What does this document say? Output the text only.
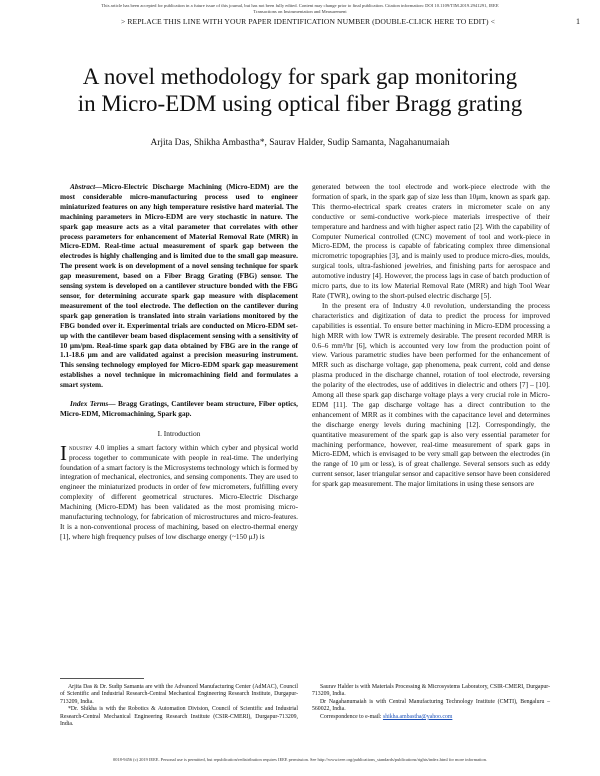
This article has been accepted for publication in a future issue of this journal, but has not been fully edited. Content may change prior to final publication. Citation information: DOI 10.1109/TIM.2019.2941291, IEEE
Transactions on Instrumentation and Measurement
> REPLACE THIS LINE WITH YOUR PAPER IDENTIFICATION NUMBER (DOUBLE-CLICK HERE TO EDIT) <	1
A novel methodology for spark gap monitoring
in Micro-EDM using optical fiber Bragg grating
Arjita Das, Shikha Ambastha*, Saurav Halder, Sudip Samanta, Nagahanumaiah

Abstract—Micro-Electric Discharge Machining (Micro-EDM) are the most considerable micro-manufacturing process used to engineer miniaturized features on any high temperature resistive hard material. The machining parameters in Micro-EDM are very stochastic in nature. The spark gap measure acts as a vital parameter that correlates with other process parameters for enhancement of Material Removal Rate (MRR) in Micro-EDM. Real-time actual measurement of spark gap between the electrodes is highly challenging and is limited due to the small gap measure. The present work is on development of a novel sensing technique for spark gap measurement, based on a Fiber Bragg Grating (FBG) sensor. The sensing system is developed on a cantilever structure bonded with the FBG sensor, for determining accurate spark gap measure with displacement measurement of the tool electrode. The deflection on the cantilever during spark gap generation is translated into strain variations monitored by the FBG bonded over it. Experimental trials are conducted on Micro-EDM set-up with the cantilever beam based displacement sensing with a sensitivity of 10 μm/pm. Real-time spark gap data obtained by FBG are in the range of 1.1-18.6 μm and are validated against a precision measuring instrument. This sensing technology employed for Micro-EDM spark gap measurement establishes a novel technique in micromachining field and formulates a smart system.

Index Terms— Bragg Gratings, Cantilever beam structure, Fiber optics, Micro-EDM, Micromachining, Spark gap.

I. Introduction

Industry 4.0 implies a smart factory within which cyber and physical world process together to communicate with people in real-time. The underlying foundation of a smart factory is the Microsystems technology which is formed by integration of mechanical, electronics, and sensing components. They are used to engineer the miniaturized products in order of few micrometers, fulfilling every complexity of different geometrical structures. Micro-Electric Discharge Machining (Micro-EDM) has been validated as the most promising micro-manufacturing technology, for fabrication of microstructures and micro-features. It is a non-conventional process of machining, based on electro-thermal energy [1], where high frequency pulses of low discharge energy (~150 μJ) is

generated between the tool electrode and work-piece electrode with the formation of spark, in the spark gap of size less than 10μm, known as spark gap. This thermo-electrical spark creates craters in micrometer scale on any conductive or semi-conductive work-piece materials irrespective of their temperature and hardness and with higher aspect ratio [2]. With the capability of Computer Numerical controlled (CNC) movement of tool and work-piece in Micro-EDM, the process is capable of fabricating complex three dimensional micrometric topographies [3], and is mainly used to produce micro-dies, moulds, surgical tools, ultra-fashioned jewelries, and finishing parts for aerospace and automotive industry [4]. However, the process lags in case of batch production of micro parts, due to its low Material Removal Rate (MRR) and high Tool Wear Rate (TWR), owing to the short-pulsed electric discharge [5].

In the present era of Industry 4.0 revolution, understanding the process characteristics and digitization of data to predict the process for improved capabilities is essential. To ensure better machining in Micro-EDM processing a high MRR with low TWR is extremely desirable. The present recorded MRR is 0.6–6 mm³/hr [6], which is accounted very low from the production point of view. Various parametric studies have been performed for the enhancement of MRR such as discharge voltage, gap phenomena, peak current, cold and dense plasma produced in the discharge channel, rotation of tool electrode, reversing the polarity of the electrodes, use of additives in dielectric and others [7] – [10]. Among all these spark gap discharge voltage plays a very crucial role in Micro-EDM [11]. The gap discharge voltage has a direct contribution to the enhancement of MRR as it combines with the capacitance level and determines the discharge energy levels during machining [12]. Correspondingly, the quantitative measurement of the spark gap is also very essential parameter for machining performance, however, real-time measurement of spark gaps in Micro-EDM, which is envisaged to be very small gap between the electrodes (in the range of 10 μm or less), is of great challenge. Several sensors such as eddy current sensor, laser triangular sensor and capacitive sensor have been considered for spark gap measurement. The major limitations in using these sensors are

Arjita Das & Dr. Sudip Samanta are with the Advanced Manufacturing Center (AdMAC), Council of Scientific and Industrial Research-Central Mechanical Engineering Research Institute, Durgapur-713209, India.

*Dr. Shikha is with the Robotics & Automation Division, Council of Scientific and Industrial Research-Central Mechanical Engineering Research Institute (CSIR-CMERI), Durgapur-713209, India.

Saurav Halder is with Materials Processing & Microsystems Laboratory, CSIR-CMERI, Durgapur-713209, India.

Dr Nagahanumaiah is with Central Manufacturing Technology Institute (CMTI), Bengaluru – 560022, India.

Correspondence to e-mail: shikha.ambastha@yahoo.com

0018-9456 (c) 2019 IEEE. Personal use is permitted, but republication/redistribution requires IEEE permission. See http://www.ieee.org/publications_standards/publications/rights/index.html for more information.
